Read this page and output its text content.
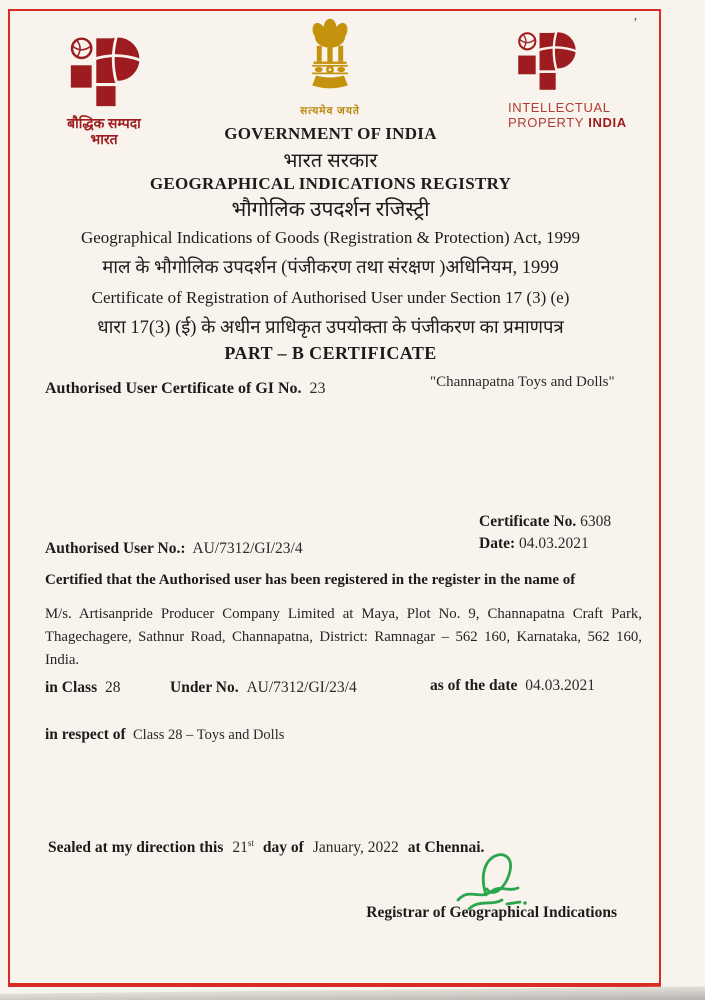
’
बौद्धिक सम्पदा
भारत
सत्यमेव जयते	INTELLECTUAL
PROPERTY INDIA
GOVERNMENT OF INDIA
भारत सरकार
GEOGRAPHICAL INDICATIONS REGISTRY
भौगोलिक उपदर्शन रजिस्ट्री
Geographical Indications of Goods (Registration & Protection) Act, 1999
माल के भौगोलिक उपदर्शन (पंजीकरण तथा संरक्षण )अधिनियम, 1999
Certificate of Registration of Authorised User under Section 17 (3) (e)
धारा 17(3) (ई) के अधीन प्राधिकृत उपयोक्ता के पंजीकरण का प्रमाणपत्र
PART – B CERTIFICATE
Authorised User Certificate of GI No. 23	"Channapatna Toys and Dolls"
Certificate No. 6308
Date: 04.03.2021
Authorised User No.: AU/7312/GI/23/4
Certified that the Authorised user has been registered in the register in the name of
M/s. Artisanpride Producer Company Limited at Maya, Plot No. 9, Channapatna Craft Park, Thagechagere, Sathnur Road, Channapatna, District: Ramnagar – 562 160, Karnataka, 562 160, India.
in Class 28	Under No. AU/7312/GI/23/4	as of the date 04.03.2021
in respect of Class 28 – Toys and Dolls
Sealed at my direction this 21st day of January, 2022 at Chennai.
Registrar of Geographical Indications
